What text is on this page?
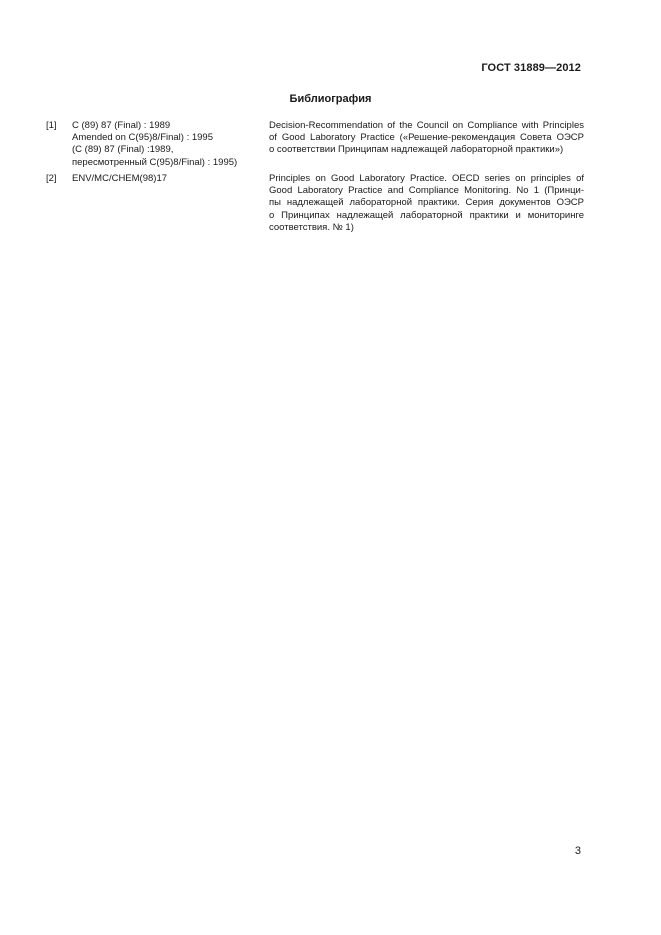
ГОСТ 31889—2012
Библиография
[1] C (89) 87 (Final) : 1989
Amended on C(95)8/Final) : 1995
(C (89) 87 (Final) :1989,
пересмотренный C(95)8/Final) : 1995)
Decision-Recommendation of the Council on Compliance with Principles
of Good Laboratory Practice («Решение-рекомендация Совета ОЭСР
о соответствии Принципам надлежащей лабораторной практики»)
[2] ENV/MC/CHEM(98)17	Principles on Good Laboratory Practice. OECD series on principles of
Good Laboratory Practice and Compliance Monitoring. No 1 (Принци-
пы надлежащей лабораторной практики. Серия документов ОЭСР
о Принципах надлежащей лабораторной практики и мониторинге
соответствия. № 1)
3
